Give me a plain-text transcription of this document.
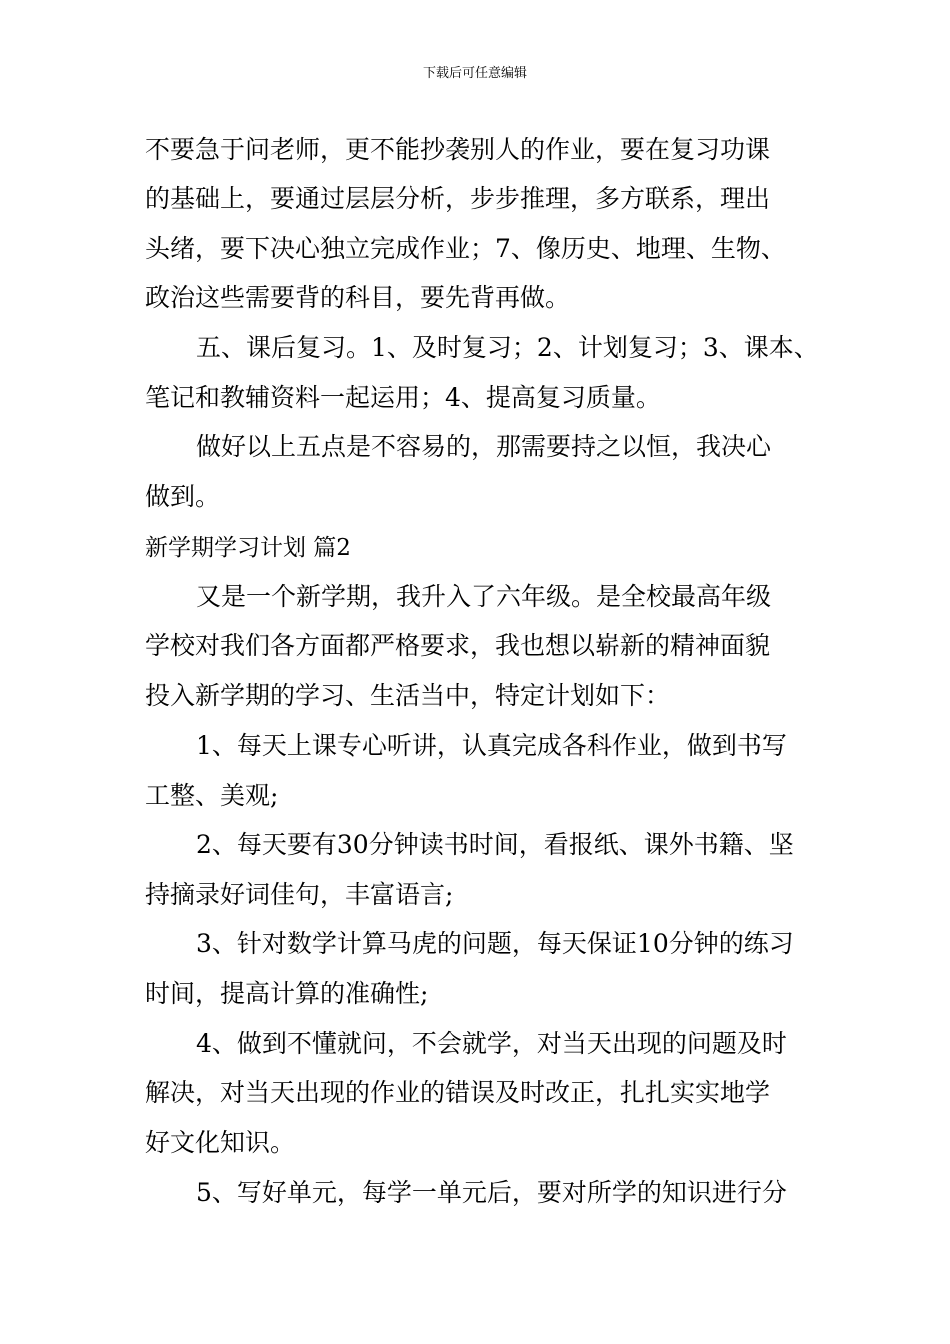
下载后可任意编辑
不要急于问老师，更不能抄袭别人的作业，要在复习功课
的基础上，要通过层层分析，步步推理，多方联系，理出
头绪，要下决心独立完成作业；7、像历史、地理、生物、
政治这些需要背的科目，要先背再做。
五、课后复习。1、及时复习；2、计划复习；3、课本、
笔记和教辅资料一起运用；4、提高复习质量。
做好以上五点是不容易的，那需要持之以恒，我决心
做到。
新学期学习计划 篇2
又是一个新学期，我升入了六年级。是全校最高年级
学校对我们各方面都严格要求，我也想以崭新的精神面貌
投入新学期的学习、生活当中，特定计划如下：
1、每天上课专心听讲，认真完成各科作业，做到书写
工整、美观;
2、每天要有30分钟读书时间，看报纸、课外书籍、坚
持摘录好词佳句，丰富语言;
3、针对数学计算马虎的问题，每天保证10分钟的练习
时间，提高计算的准确性;
4、做到不懂就问，不会就学，对当天出现的问题及时
解决，对当天出现的作业的错误及时改正，扎扎实实地学
好文化知识。
5、写好单元，每学一单元后，要对所学的知识进行分
